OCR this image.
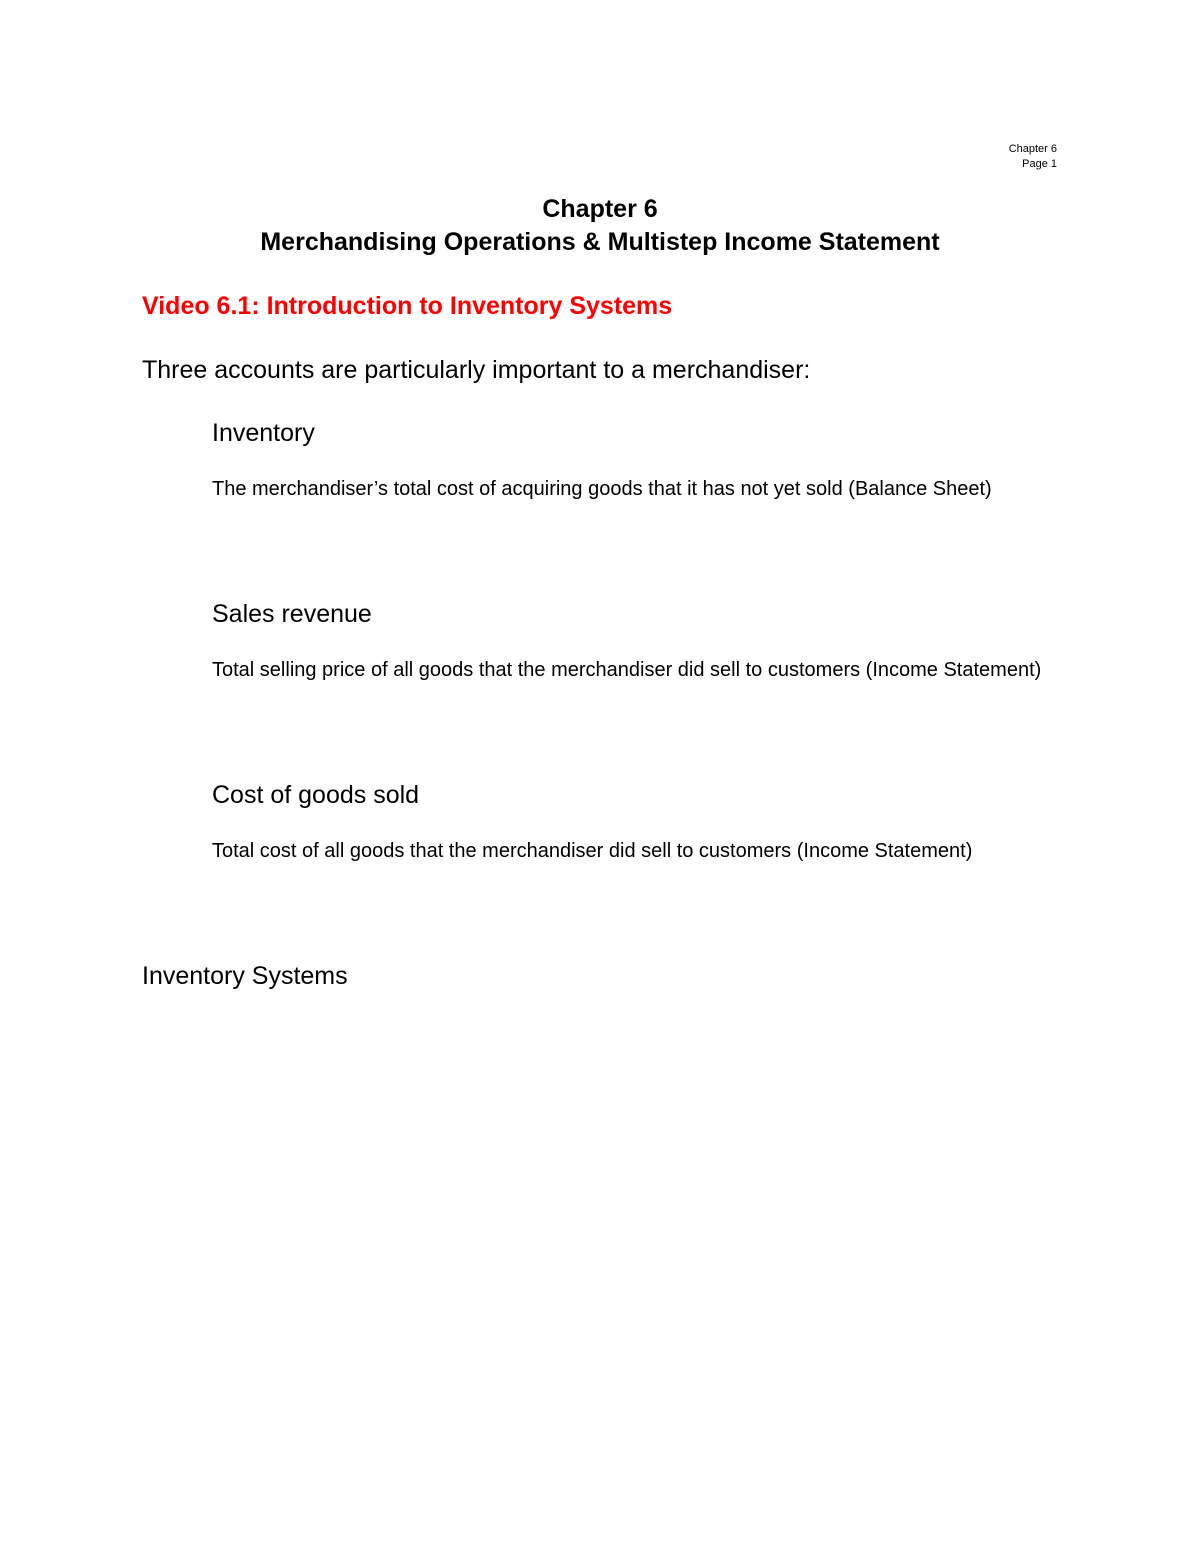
Chapter 6
Page 1
Chapter 6
Merchandising Operations & Multistep Income Statement
Video 6.1: Introduction to Inventory Systems
Three accounts are particularly important to a merchandiser:

Inventory

The merchandiser’s total cost of acquiring goods that it has not yet sold (Balance Sheet)

Sales revenue

Total selling price of all goods that the merchandiser did sell to customers (Income Statement)

Cost of goods sold

Total cost of all goods that the merchandiser did sell to customers (Income Statement)

Inventory Systems
